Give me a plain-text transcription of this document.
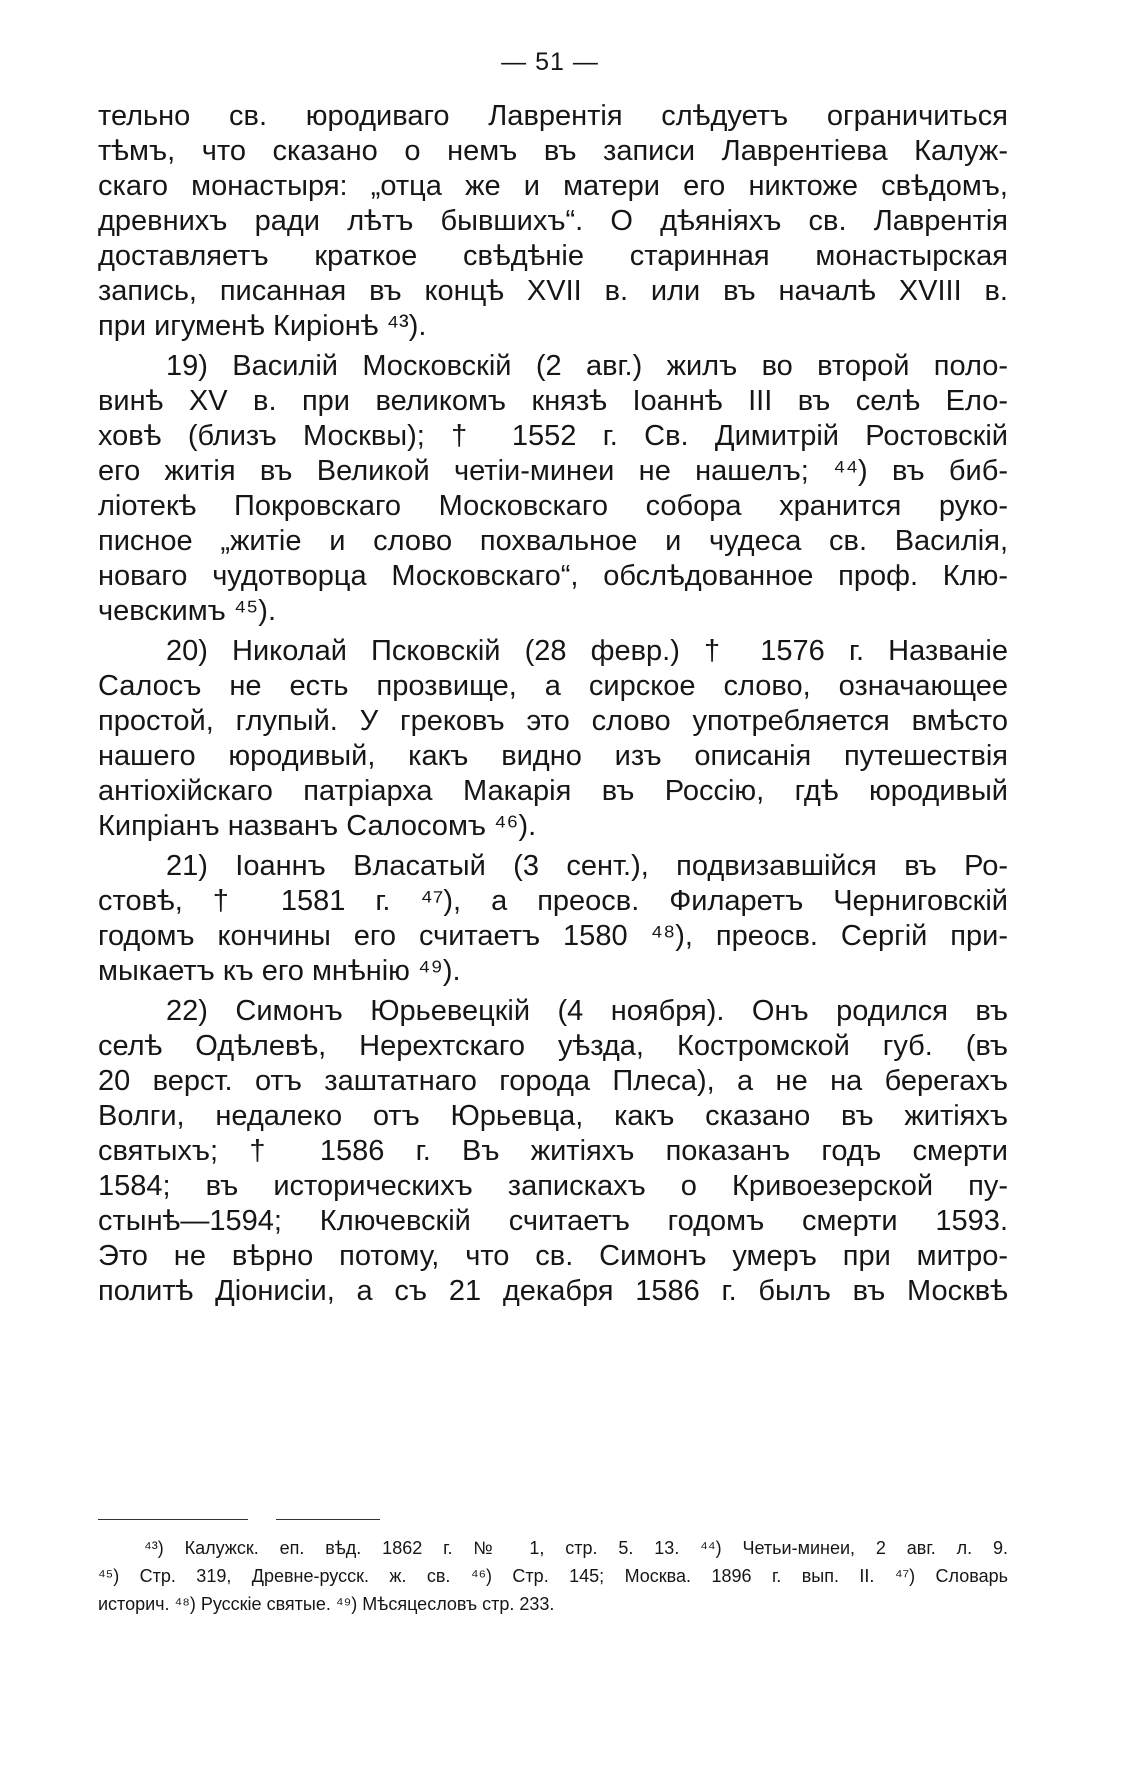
— 51 —
тельно св. юродиваго Лаврентія слѣдуетъ ограничиться
тѣмъ, что сказано о немъ въ записи Лаврентіева Калуж-
скаго монастыря: „отца же и матери его никтоже свѣдомъ,
древнихъ ради лѣтъ бывшихъ“. О дѣяніяхъ св. Лаврентія
доставляетъ краткое свѣдѣніе старинная монастырская
запись, писанная въ концѣ XVII в. или въ началѣ XVIII в.
при игуменѣ Киріонѣ ⁴³).
19) Василій Московскій (2 авг.) жилъ во второй поло-
винѣ XV в. при великомъ князѣ Іоаннѣ III въ селѣ Ело-
ховѣ (близъ Москвы); † 1552 г. Св. Димитрій Ростовскій
его житія въ Великой четіи-минеи не нашелъ; ⁴⁴) въ биб-
ліотекѣ Покровскаго Московскаго собора хранится руко-
писное „житіе и слово похвальное и чудеса св. Василія,
новаго чудотворца Московскаго“, обслѣдованное проф. Клю-
чевскимъ ⁴⁵).
20) Николай Псковскій (28 февр.) † 1576 г. Названіе
Салосъ не есть прозвище, а сирское слово, означающее
простой, глупый. У грековъ это слово употребляется вмѣсто
нашего юродивый, какъ видно изъ описанія путешествія
антіохійскаго патріарха Макарія въ Россію, гдѣ юродивый
Кипріанъ названъ Салосомъ ⁴⁶).
21) Іоаннъ Власатый (3 сент.), подвизавшійся въ Ро-
стовѣ, † 1581 г. ⁴⁷), а преосв. Филаретъ Черниговскій
годомъ кончины его считаетъ 1580 ⁴⁸), преосв. Сергій при-
мыкаетъ къ его мнѣнію ⁴⁹).
22) Симонъ Юрьевецкій (4 ноября). Онъ родился въ
селѣ Одѣлевѣ, Нерехтскаго уѣзда, Костромской губ. (въ
20 верст. отъ заштатнаго города Плеса), а не на берегахъ
Волги, недалеко отъ Юрьевца, какъ сказано въ житіяхъ
святыхъ; † 1586 г. Въ житіяхъ показанъ годъ смерти
1584; въ историческихъ запискахъ о Кривоезерской пу-
стынѣ—1594; Ключевскій считаетъ годомъ смерти 1593.
Это не вѣрно потому, что св. Симонъ умеръ при митро-
политѣ Діонисіи, а съ 21 декабря 1586 г. былъ въ Москвѣ
⁴³) Калужск. еп. вѣд. 1862 г. № 1, стр. 5. 13. ⁴⁴) Четьи-минеи, 2 авг. л. 9.
⁴⁵) Стр. 319, Древне-русск. ж. св. ⁴⁶) Стр. 145; Москва. 1896 г. вып. II. ⁴⁷) Словарь
историч. ⁴⁸) Русскіе святые. ⁴⁹) Мѣсяцесловъ стр. 233.
